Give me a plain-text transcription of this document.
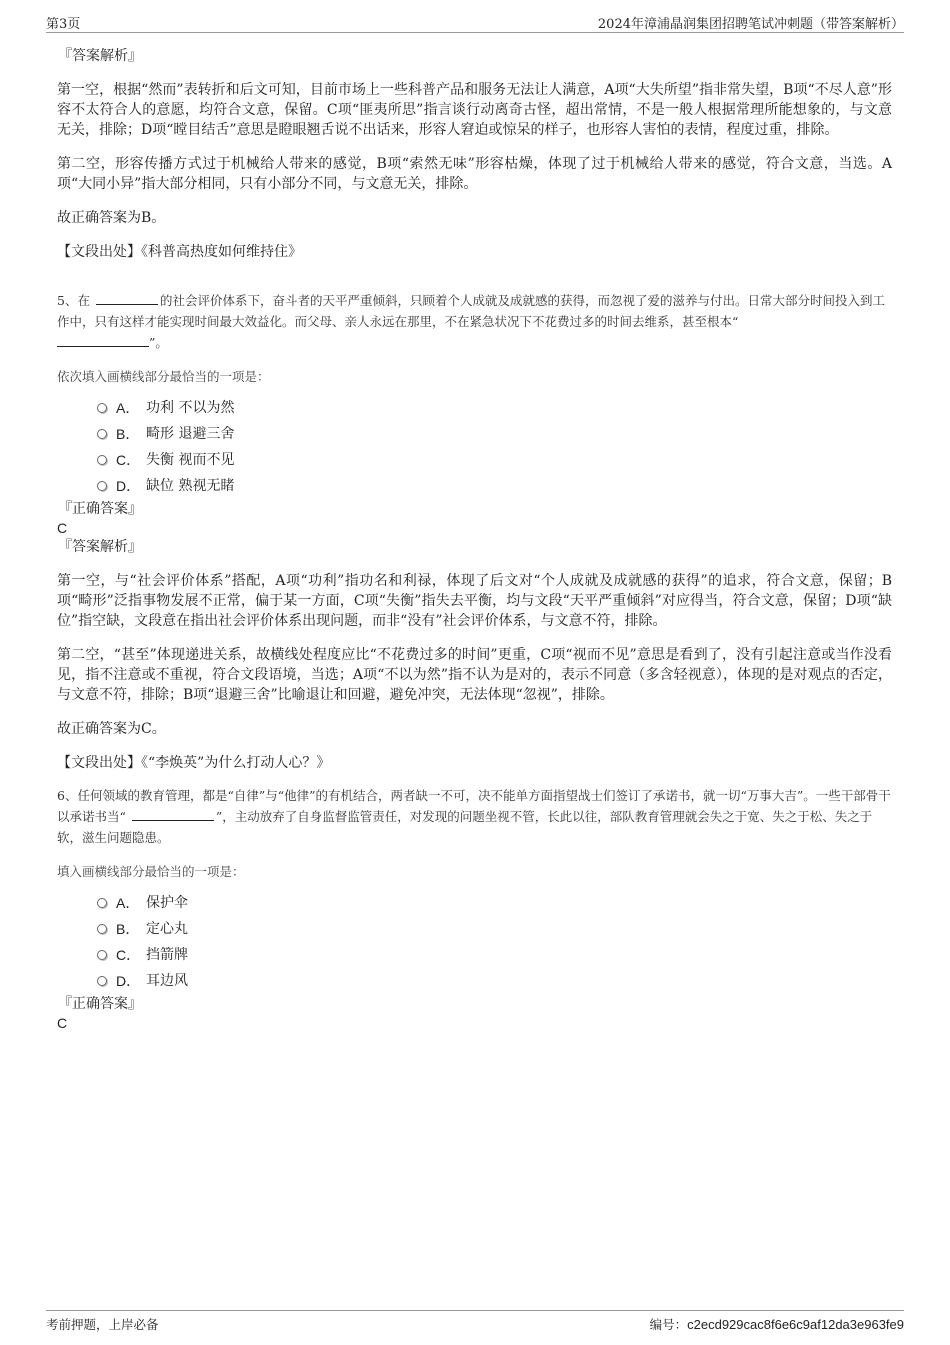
第3页	2024年漳浦晶润集团招聘笔试冲刺题（带答案解析）
『答案解析』

第一空，根据“然而”表转折和后文可知，目前市场上一些科普产品和服务无法让人满意，A项“大失所望”指非常失望，B项“不尽人意”形容不太符合人的意愿，均符合文意，保留。C项“匪夷所思”指言谈行动离奇古怪，超出常情，不是一般人根据常理所能想象的，与文意无关，排除；D项“瞠目结舌”意思是瞪眼翘舌说不出话来，形容人窘迫或惊呆的样子，也形容人害怕的表情，程度过重，排除。

第二空，形容传播方式过于机械给人带来的感觉，B项“索然无味”形容枯燥，体现了过于机械给人带来的感觉，符合文意，当选。A项“大同小异”指大部分相同，只有小部分不同，与文意无关，排除。

故正确答案为B。

【文段出处】《科普高热度如何维持住》

5、在	的社会评价体系下，奋斗者的天平严重倾斜，只顾着个人成就及成就感的获得，而忽视了爱的滋养与付出。日常大部分时间投入到工作中，只有这样才能实现时间最大效益化。而父母、亲人永远在那里，不在紧急状况下不花费过多的时间去维系，甚至根本“
”。

依次填入画横线部分最恰当的一项是：
A． 功利 不以为然
B． 畸形 退避三舍
C． 失衡 视而不见
D． 缺位 熟视无睹
『正确答案』
C
『答案解析』

第一空，与“社会评价体系”搭配，A项“功利”指功名和利禄，体现了后文对“个人成就及成就感的获得”的追求，符合文意，保留；B项“畸形”泛指事物发展不正常，偏于某一方面，C项“失衡”指失去平衡，均与文段“天平严重倾斜”对应得当，符合文意，保留；D项“缺位”指空缺，文段意在指出社会评价体系出现问题，而非“没有”社会评价体系，与文意不符，排除。

第二空，“甚至”体现递进关系，故横线处程度应比“不花费过多的时间”更重，C项“视而不见”意思是看到了，没有引起注意或当作没看见，指不注意或不重视，符合文段语境，当选；A项“不以为然”指不认为是对的，表示不同意（多含轻视意），体现的是对观点的否定，与文意不符，排除；B项“退避三舍”比喻退让和回避，避免冲突，无法体现“忽视”，排除。

故正确答案为C。

【文段出处】《“李焕英”为什么打动人心？》

6、任何领域的教育管理，都是“自律”与“他律”的有机结合，两者缺一不可，决不能单方面指望战士们签订了承诺书，就一切“万事大吉”。一些干部骨干以承诺书当“	”，主动放弃了自身监督监管责任，对发现的问题坐视不管，长此以往，部队教育管理就会失之于宽、失之于松、失之于软，滋生问题隐患。

填入画横线部分最恰当的一项是：
A． 保护伞
B． 定心丸
C． 挡箭牌
D． 耳边风
『正确答案』
C
考前押题，上岸必备	编号：c2ecd929cac8f6e6c9af12da3e963fe9
